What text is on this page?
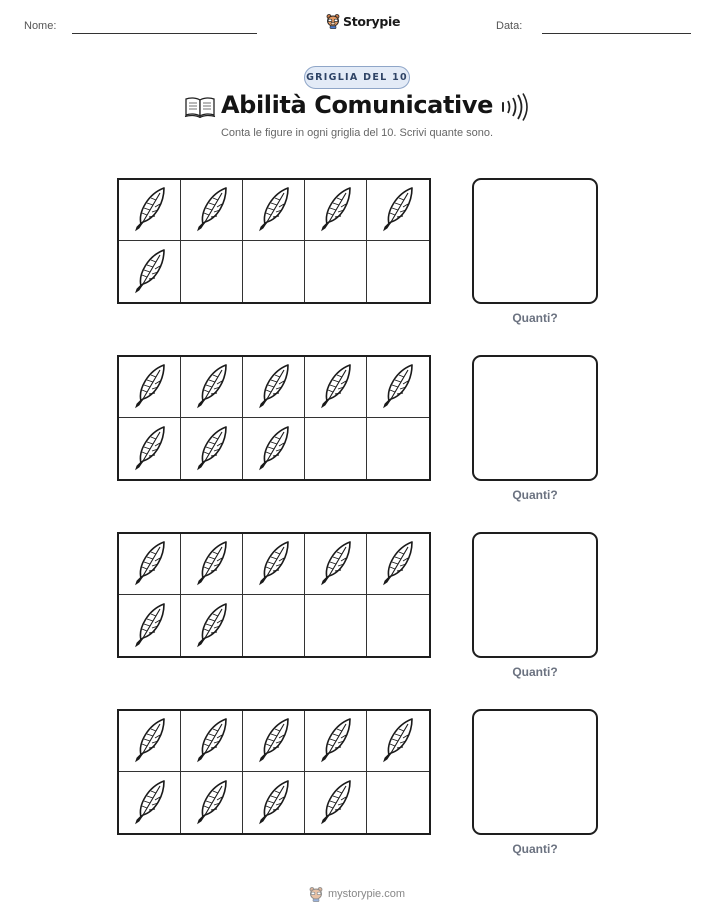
Nome:	Storypie	Data:
GRIGLIA DEL 10
Abilità Comunicative
Conta le figure in ogni griglia del 10. Scrivi quante sono.
Quanti?
Quanti?
Quanti?
Quanti?
mystorypie.com
